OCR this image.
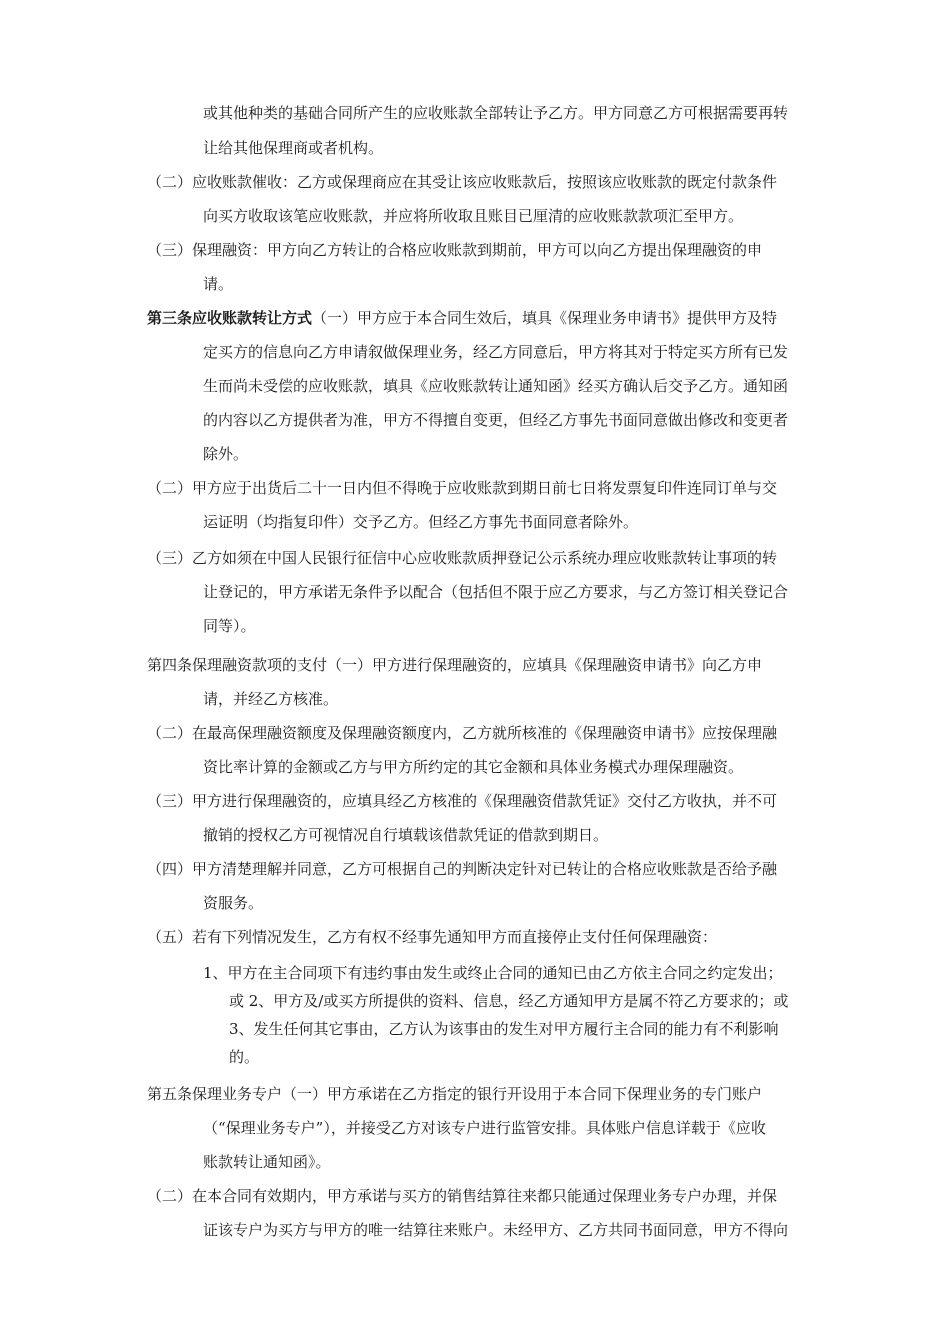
或其他种类的基础合同所产生的应收账款全部转让予乙方。甲方同意乙方可根据需要再转
让给其他保理商或者机构。
（二）应收账款催收：乙方或保理商应在其受让该应收账款后，按照该应收账款的既定付款条件
向买方收取该笔应收账款，并应将所收取且账目已厘清的应收账款款项汇至甲方。
（三）保理融资：甲方向乙方转让的合格应收账款到期前，甲方可以向乙方提出保理融资的申
请。
第三条应收账款转让方式（一）甲方应于本合同生效后，填具《保理业务申请书》提供甲方及特
定买方的信息向乙方申请叙做保理业务，经乙方同意后，甲方将其对于特定买方所有已发
生而尚未受偿的应收账款，填具《应收账款转让通知函》经买方确认后交予乙方。通知函
的内容以乙方提供者为准，甲方不得擅自变更，但经乙方事先书面同意做出修改和变更者
除外。
（二）甲方应于出货后二十一日内但不得晚于应收账款到期日前七日将发票复印件连同订单与交
运证明（均指复印件）交予乙方。但经乙方事先书面同意者除外。
（三）乙方如须在中国人民银行征信中心应收账款质押登记公示系统办理应收账款转让事项的转
让登记的，甲方承诺无条件予以配合（包括但不限于应乙方要求，与乙方签订相关登记合
同等）。
第四条保理融资款项的支付（一）甲方进行保理融资的，应填具《保理融资申请书》向乙方申
请，并经乙方核准。
（二）在最高保理融资额度及保理融资额度内，乙方就所核准的《保理融资申请书》应按保理融
资比率计算的金额或乙方与甲方所约定的其它金额和具体业务模式办理保理融资。
（三）甲方进行保理融资的，应填具经乙方核准的《保理融资借款凭证》交付乙方收执，并不可
撤销的授权乙方可视情况自行填载该借款凭证的借款到期日。
（四）甲方清楚理解并同意，乙方可根据自己的判断决定针对已转让的合格应收账款是否给予融
资服务。
（五）若有下列情况发生，乙方有权不经事先通知甲方而直接停止支付任何保理融资：
1、甲方在主合同项下有违约事由发生或终止合同的通知已由乙方依主合同之约定发出；
或 2、甲方及/或买方所提供的资料、信息，经乙方通知甲方是属不符乙方要求的；或
3、发生任何其它事由，乙方认为该事由的发生对甲方履行主合同的能力有不利影响
的。
第五条保理业务专户（一）甲方承诺在乙方指定的银行开设用于本合同下保理业务的专门账户
（“保理业务专户”），并接受乙方对该专户进行监管安排。具体账户信息详载于《应收
账款转让通知函》。
（二）在本合同有效期内，甲方承诺与买方的销售结算往来都只能通过保理业务专户办理，并保
证该专户为买方与甲方的唯一结算往来账户。未经甲方、乙方共同书面同意，甲方不得向
